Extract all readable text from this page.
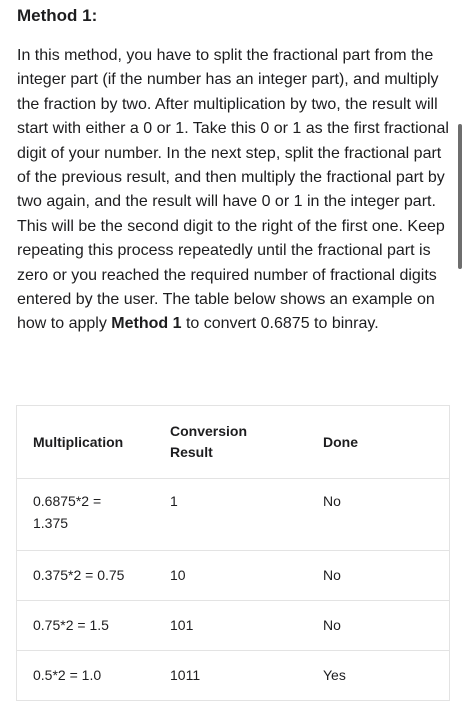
Method 1:
In this method, you have to split the fractional part from the integer part (if the number has an integer part), and multiply the fraction by two. After multiplication by two, the result will start with either a 0 or 1. Take this 0 or 1 as the first fractional digit of your number. In the next step, split the fractional part of the previous result, and then multiply the fractional part by two again, and the result will have 0 or 1 in the integer part. This will be the second digit to the right of the first one. Keep repeating this process repeatedly until the fractional part is zero or you reached the required number of fractional digits entered by the user. The table below shows an example on how to apply Method 1 to convert 0.6875 to binray.
Multiplication	Conversion Result	Done

0.6875*2 = 1.375	1	No

0.375*2 = 0.75	10	No

0.75*2 = 1.5	101	No

0.5*2 = 1.0	1011	Yes
